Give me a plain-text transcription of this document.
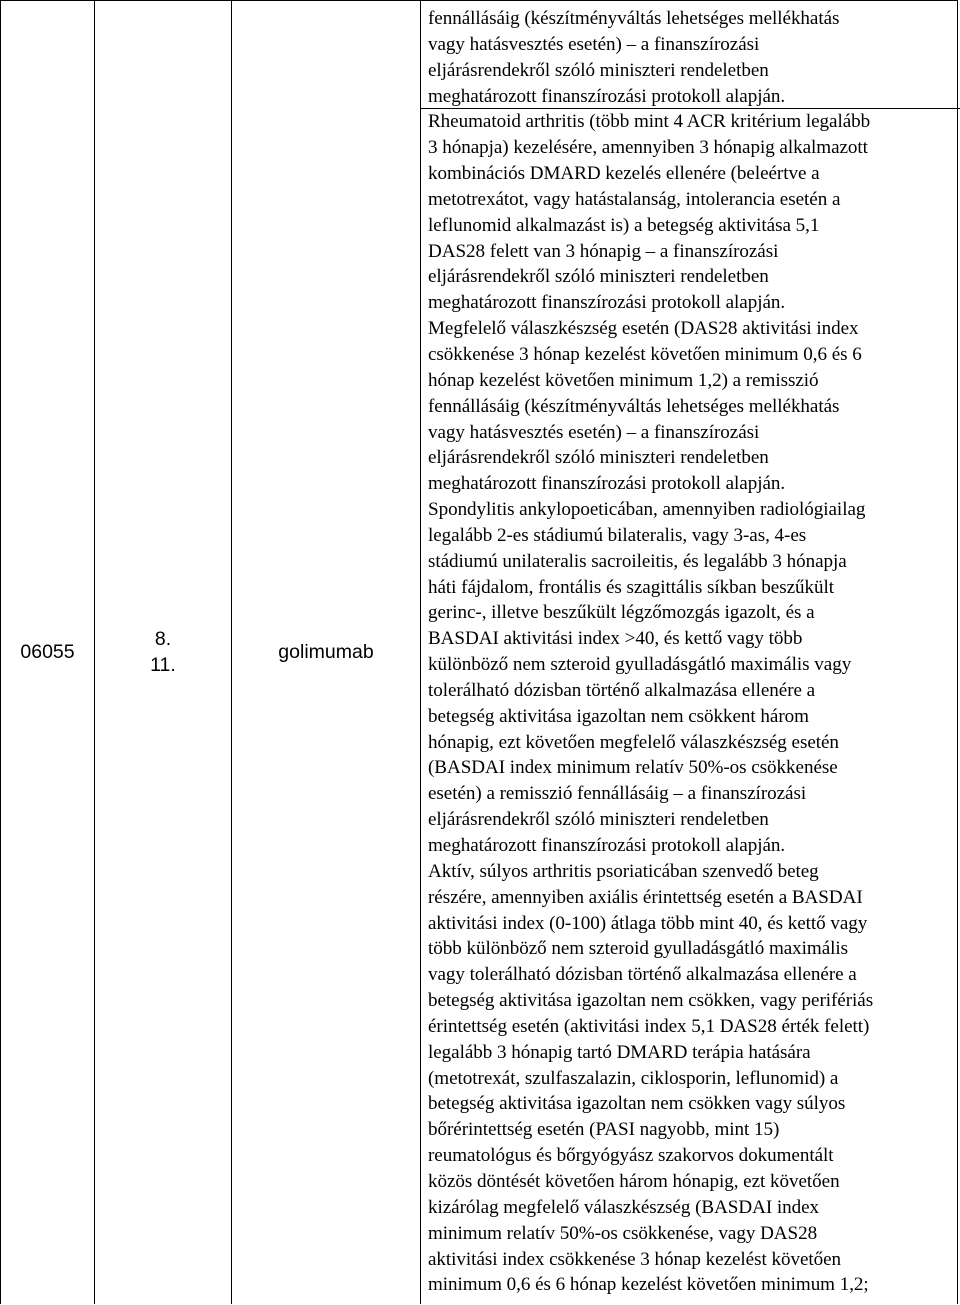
06055
8.
11.
golimumab
fennállásáig (készítményváltás lehetséges mellékhatás
vagy hatásvesztés esetén) – a finanszírozási
eljárásrendekről szóló miniszteri rendeletben
meghatározott finanszírozási protokoll alapján.
Rheumatoid arthritis (több mint 4 ACR kritérium legalább
3 hónapja) kezelésére, amennyiben 3 hónapig alkalmazott
kombinációs DMARD kezelés ellenére (beleértve a
metotrexátot, vagy hatástalanság, intolerancia esetén a
leflunomid alkalmazást is) a betegség aktivitása 5,1
DAS28 felett van 3 hónapig – a finanszírozási
eljárásrendekről szóló miniszteri rendeletben
meghatározott finanszírozási protokoll alapján.
Megfelelő válaszkészség esetén (DAS28 aktivitási index
csökkenése 3 hónap kezelést követően minimum 0,6 és 6
hónap kezelést követően minimum 1,2) a remisszió
fennállásáig (készítményváltás lehetséges mellékhatás
vagy hatásvesztés esetén) – a finanszírozási
eljárásrendekről szóló miniszteri rendeletben
meghatározott finanszírozási protokoll alapján.
Spondylitis ankylopoeticában, amennyiben radiológiailag
legalább 2-es stádiumú bilateralis, vagy 3-as, 4-es
stádiumú unilateralis sacroileitis, és legalább 3 hónapja
háti fájdalom, frontális és szagittális síkban beszűkült
gerinc-, illetve beszűkült légzőmozgás igazolt, és a
BASDAI aktivitási index >40, és kettő vagy több
különböző nem szteroid gyulladásgátló maximális vagy
tolerálható dózisban történő alkalmazása ellenére a
betegség aktivitása igazoltan nem csökkent három
hónapig, ezt követően megfelelő válaszkészség esetén
(BASDAI index minimum relatív 50%-os csökkenése
esetén) a remisszió fennállásáig – a finanszírozási
eljárásrendekről szóló miniszteri rendeletben
meghatározott finanszírozási protokoll alapján.
Aktív, súlyos arthritis psoriaticában szenvedő beteg
részére, amennyiben axiális érintettség esetén a BASDAI
aktivitási index (0-100) átlaga több mint 40, és kettő vagy
több különböző nem szteroid gyulladásgátló maximális
vagy tolerálható dózisban történő alkalmazása ellenére a
betegség aktivitása igazoltan nem csökken, vagy perifériás
érintettség esetén (aktivitási index 5,1 DAS28 érték felett)
legalább 3 hónapig tartó DMARD terápia hatására
(metotrexát, szulfaszalazin, ciklosporin, leflunomid) a
betegség aktivitása igazoltan nem csökken vagy súlyos
bőrérintettség esetén (PASI nagyobb, mint 15)
reumatológus és bőrgyógyász szakorvos dokumentált
közös döntését követően három hónapig, ezt követően
kizárólag megfelelő válaszkészség (BASDAI index
minimum relatív 50%-os csökkenése, vagy DAS28
aktivitási index csökkenése 3 hónap kezelést követően
minimum 0,6 és 6 hónap kezelést követően minimum 1,2;
